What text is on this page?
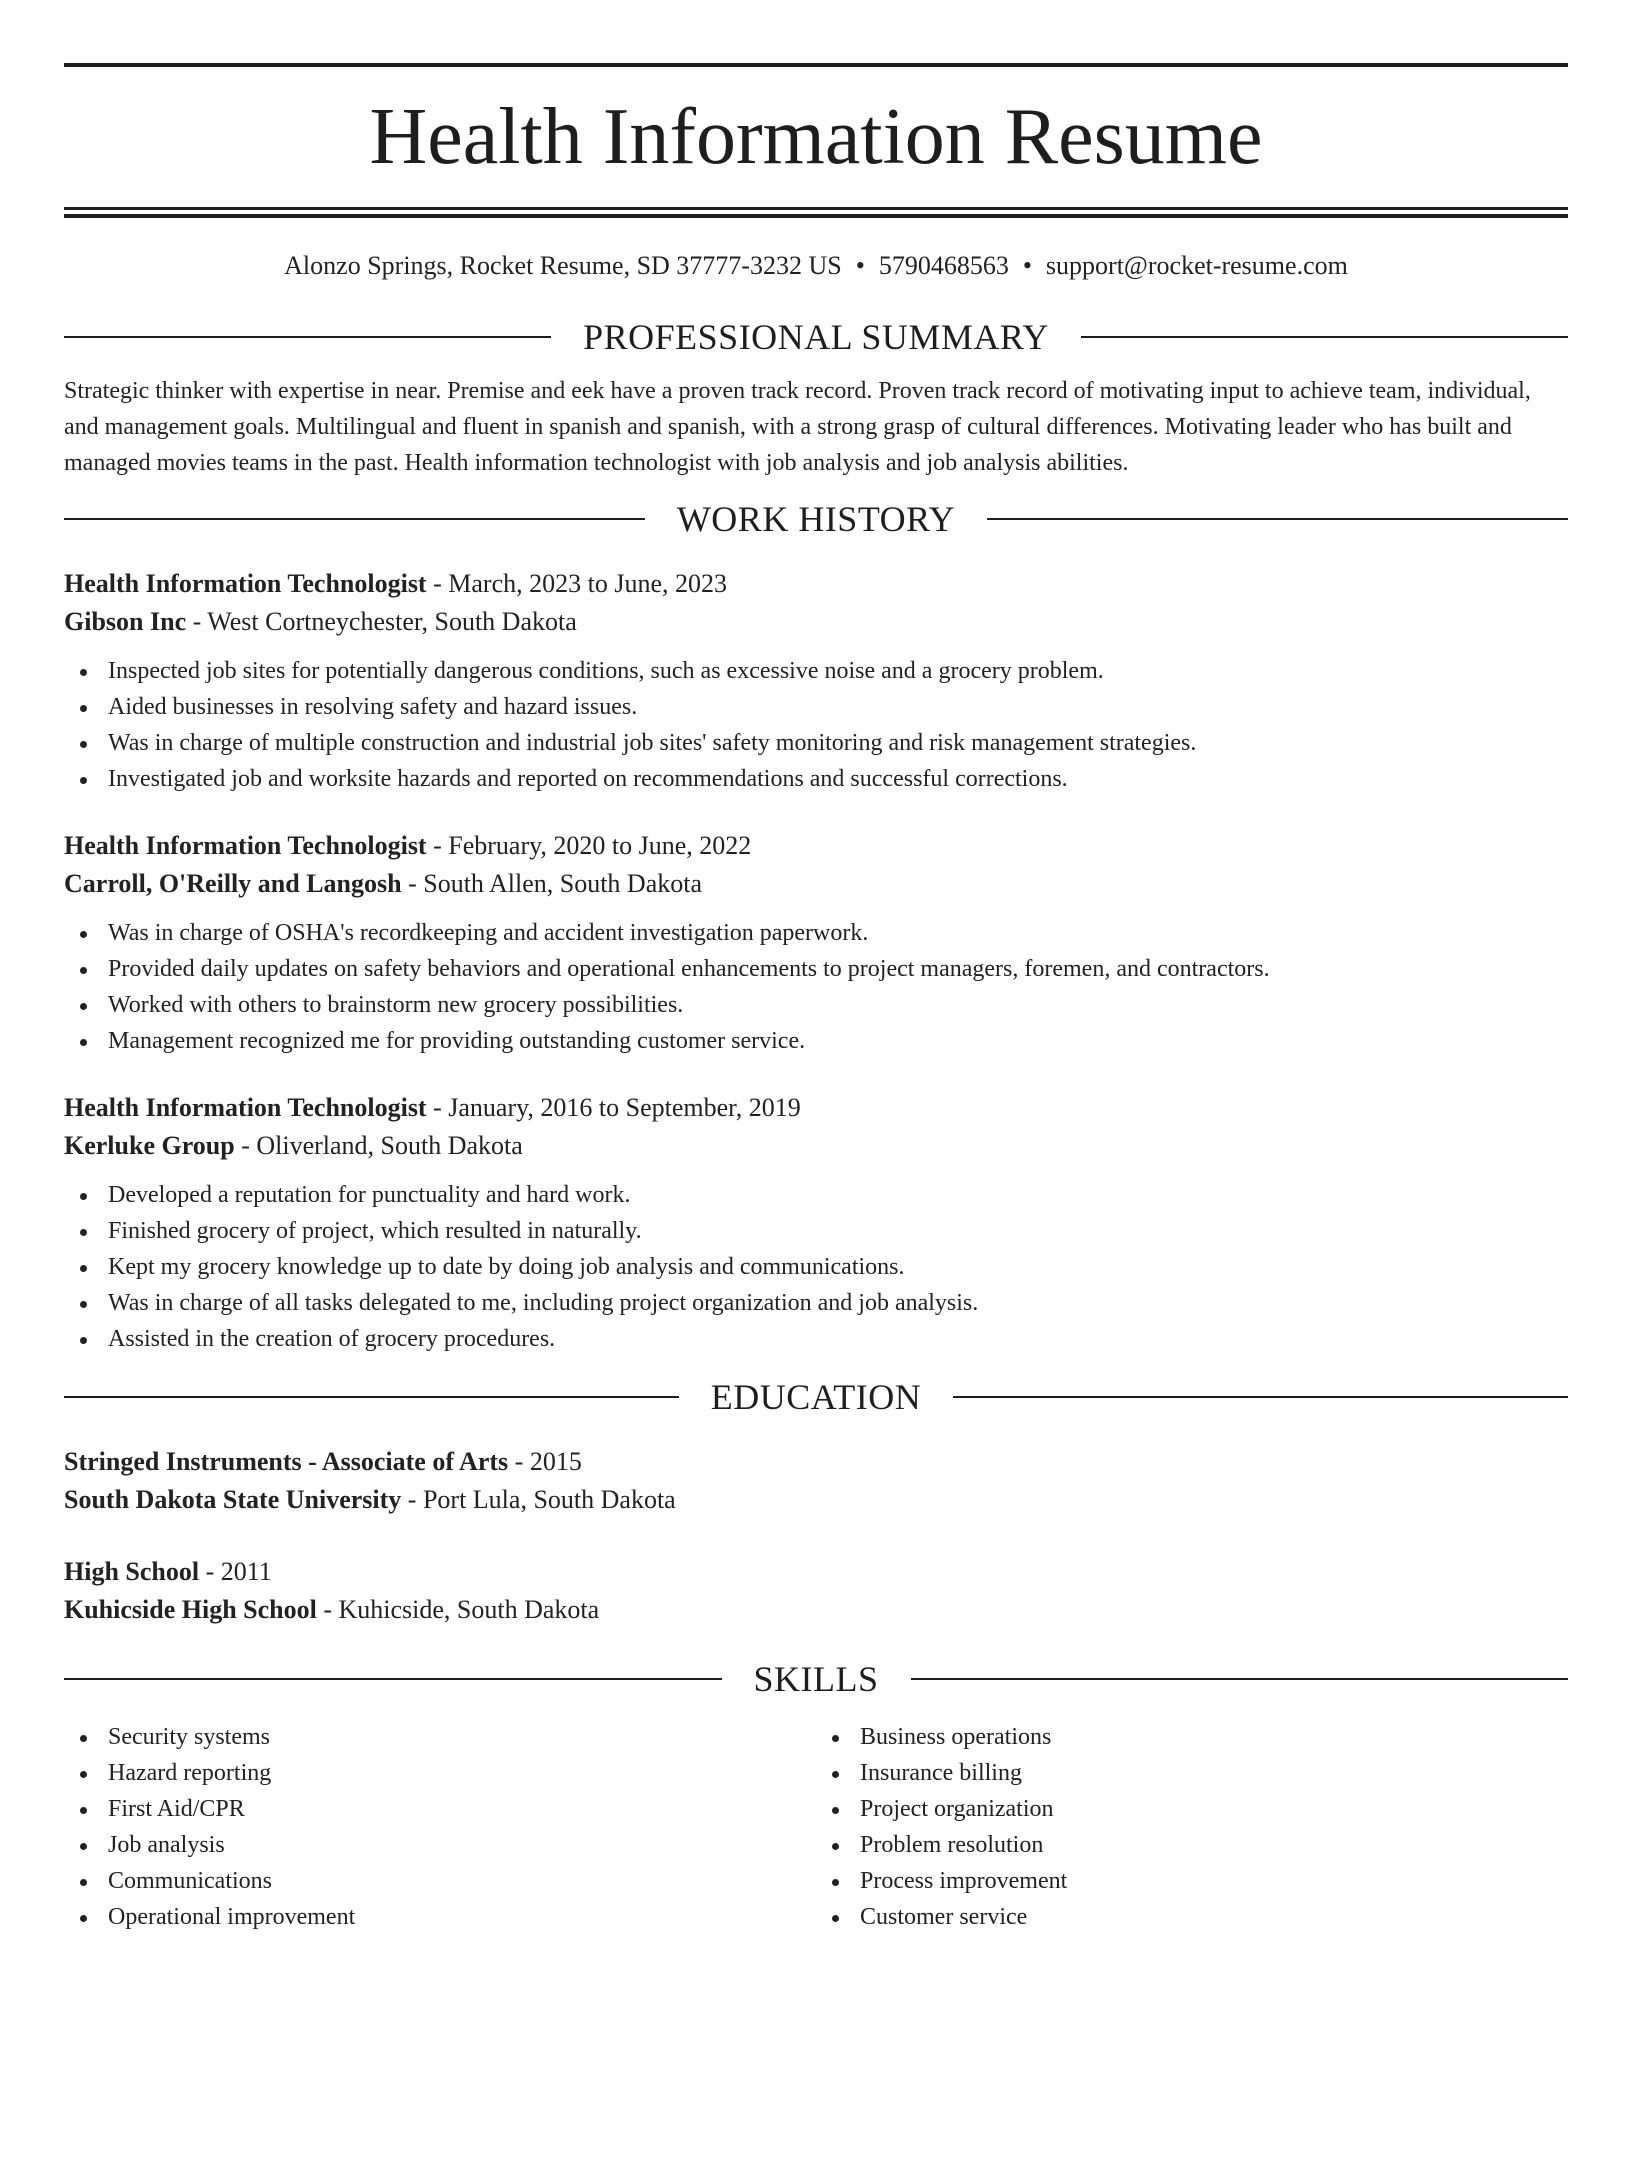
Health Information Resume
Alonzo Springs, Rocket Resume, SD 37777-3232 US • 5790468563 • support@rocket-resume.com
PROFESSIONAL SUMMARY
Strategic thinker with expertise in near. Premise and eek have a proven track record. Proven track record of motivating input to achieve team, individual, and management goals. Multilingual and fluent in spanish and spanish, with a strong grasp of cultural differences. Motivating leader who has built and managed movies teams in the past. Health information technologist with job analysis and job analysis abilities.
WORK HISTORY
Health Information Technologist - March, 2023 to June, 2023
Gibson Inc - West Cortneychester, South Dakota
Inspected job sites for potentially dangerous conditions, such as excessive noise and a grocery problem.
Aided businesses in resolving safety and hazard issues.
Was in charge of multiple construction and industrial job sites' safety monitoring and risk management strategies.
Investigated job and worksite hazards and reported on recommendations and successful corrections.
Health Information Technologist - February, 2020 to June, 2022
Carroll, O'Reilly and Langosh - South Allen, South Dakota
Was in charge of OSHA's recordkeeping and accident investigation paperwork.
Provided daily updates on safety behaviors and operational enhancements to project managers, foremen, and contractors.
Worked with others to brainstorm new grocery possibilities.
Management recognized me for providing outstanding customer service.
Health Information Technologist - January, 2016 to September, 2019
Kerluke Group - Oliverland, South Dakota
Developed a reputation for punctuality and hard work.
Finished grocery of project, which resulted in naturally.
Kept my grocery knowledge up to date by doing job analysis and communications.
Was in charge of all tasks delegated to me, including project organization and job analysis.
Assisted in the creation of grocery procedures.
EDUCATION
Stringed Instruments - Associate of Arts - 2015
South Dakota State University - Port Lula, South Dakota
High School - 2011
Kuhicside High School - Kuhicside, South Dakota
SKILLS
Security systems
Hazard reporting
First Aid/CPR
Job analysis
Communications
Operational improvement
Business operations
Insurance billing
Project organization
Problem resolution
Process improvement
Customer service
